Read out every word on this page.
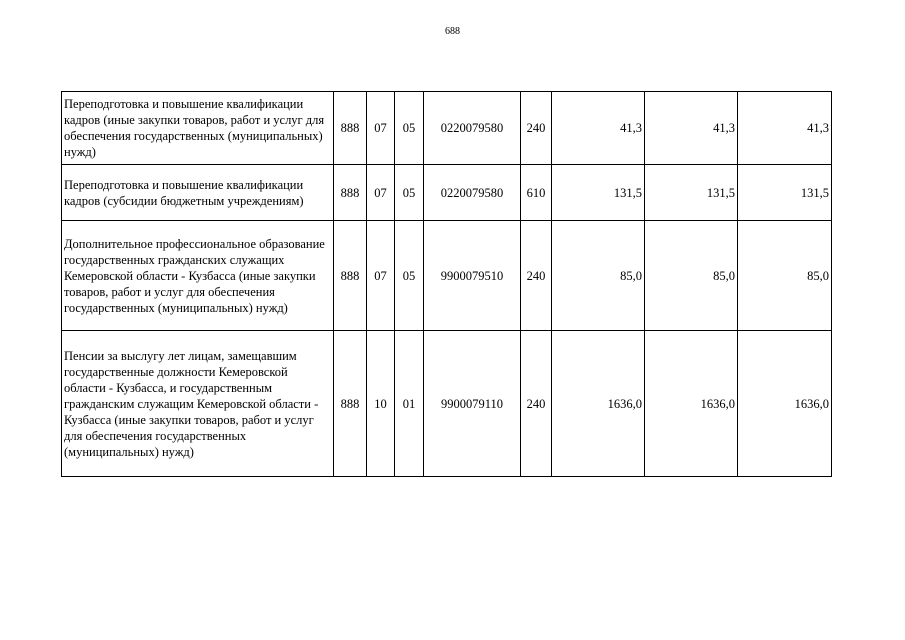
688
Переподготовка и повышение квалификации кадров (иные закупки товаров, работ и услуг для обеспечения государственных (муниципальных) нужд)	888	07	05	0220079580	240	41,3	41,3	41,3
Переподготовка и повышение квалификации кадров (субсидии бюджетным учреждениям)	888	07	05	0220079580	610	131,5	131,5	131,5
Дополнительное профессиональное образование государственных гражданских служащих Кемеровской области - Кузбасса (иные закупки товаров, работ и услуг для обеспечения государственных (муниципальных) нужд)	888	07	05	9900079510	240	85,0	85,0	85,0
Пенсии за выслугу лет лицам, замещавшим государственные должности Кемеровской области - Кузбасса, и государственным гражданским служащим Кемеровской области - Кузбасса (иные закупки товаров, работ и услуг для обеспечения государственных (муниципальных) нужд)	888	10	01	9900079110	240	1636,0	1636,0	1636,0
